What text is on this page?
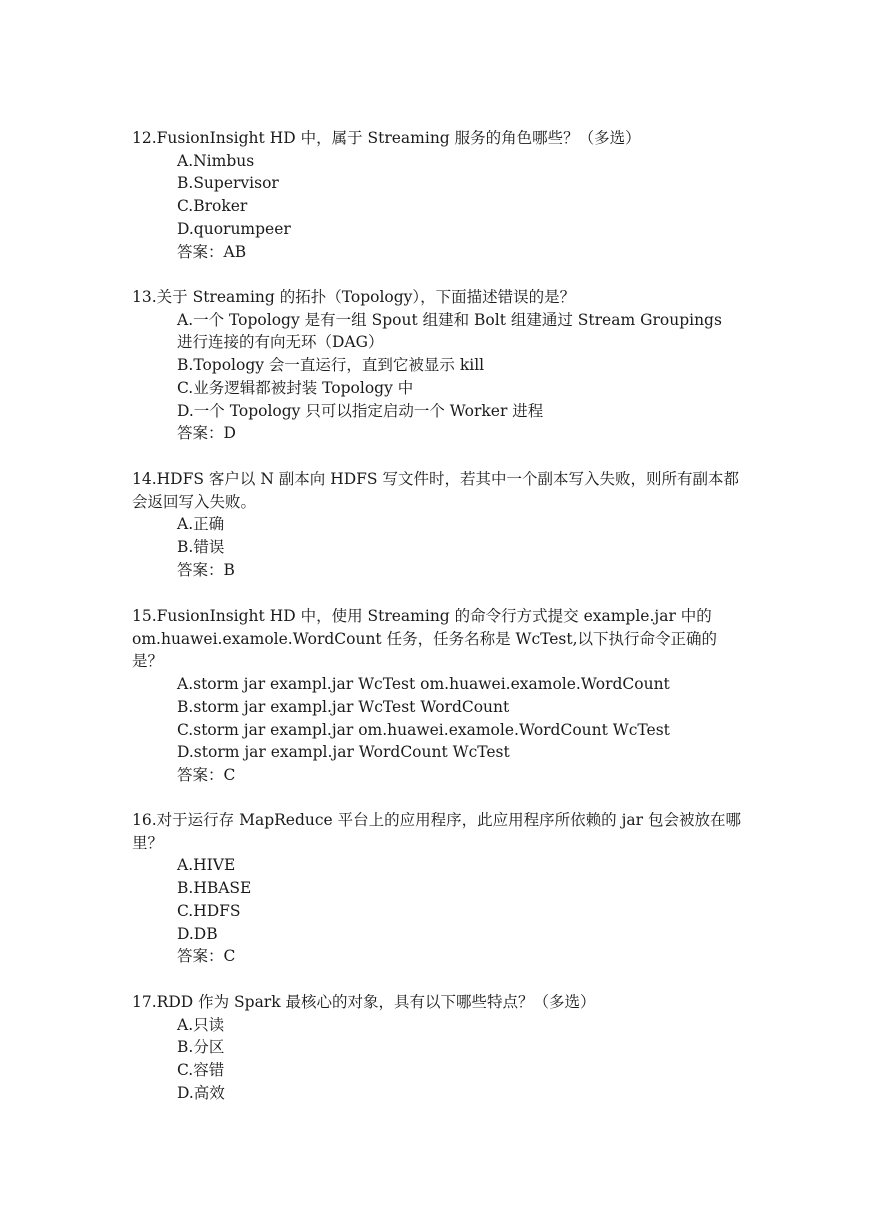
12.FusionInsight HD 中，属于 Streaming 服务的角色哪些？（多选）

A.Nimbus

B.Supervisor

C.Broker

D.quorumpeer

答案：AB

13.关于 Streaming 的拓扑（Topology），下面描述错误的是？

A.一个 Topology 是有一组 Spout 组建和 Bolt 组建通过 Stream Groupings 进行连接的有向无环（DAG）

B.Topology 会一直运行，直到它被显示 kill

C.业务逻辑都被封装 Topology 中

D.一个 Topology 只可以指定启动一个 Worker 进程

答案：D

14.HDFS 客户以 N 副本向 HDFS 写文件时，若其中一个副本写入失败，则所有副本都会返回写入失败。

A.正确

B.错误

答案：B

15.FusionInsight HD 中，使用 Streaming 的命令行方式提交 example.jar 中的 om.huawei.examole.WordCount 任务，任务名称是 WcTest,以下执行命令正确的是？

A.storm jar exampl.jar WcTest om.huawei.examole.WordCount

B.storm jar exampl.jar WcTest WordCount

C.storm jar exampl.jar om.huawei.examole.WordCount WcTest

D.storm jar exampl.jar WordCount WcTest

答案：C

16.对于运行存 MapReduce 平台上的应用程序，此应用程序所依赖的 jar 包会被放在哪里？

A.HIVE

B.HBASE

C.HDFS

D.DB

答案：C

17.RDD 作为 Spark 最核心的对象，具有以下哪些特点？（多选）

A.只读

B.分区

C.容错

D.高效
